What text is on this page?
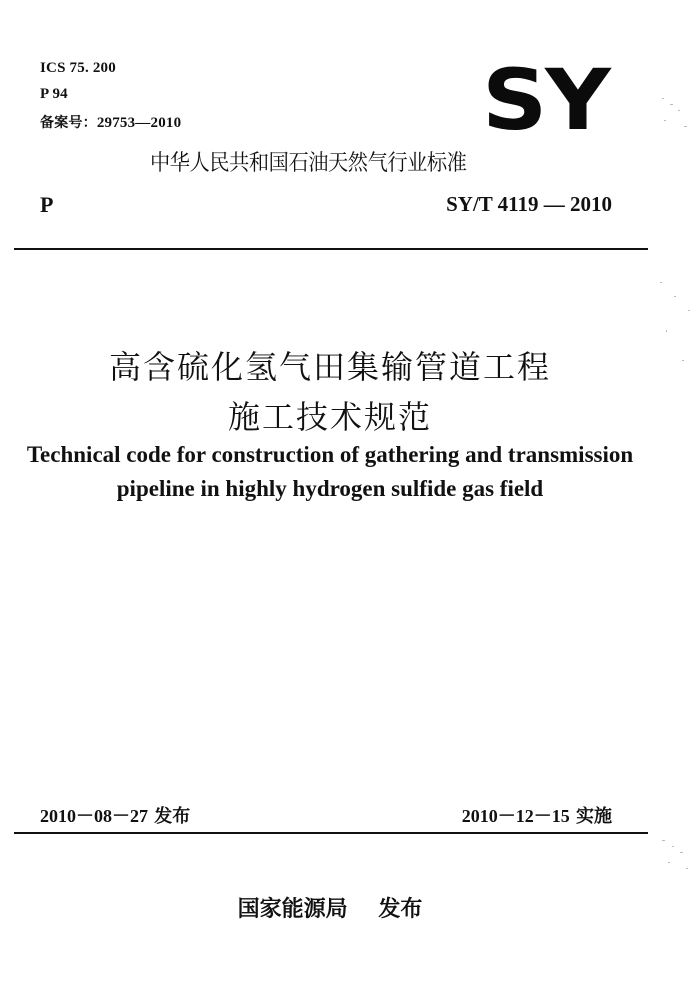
ICS 75. 200
P 94
备案号：29753—2010	SY
中华人民共和国石油天然气行业标准
P	SY/T 4119 — 2010
高含硫化氢气田集输管道工程
施工技术规范
Technical code for construction of gathering and transmission
pipeline in highly hydrogen sulfide gas field
2010－08－27 发布	2010－12－15 实施
国家能源局 发布
